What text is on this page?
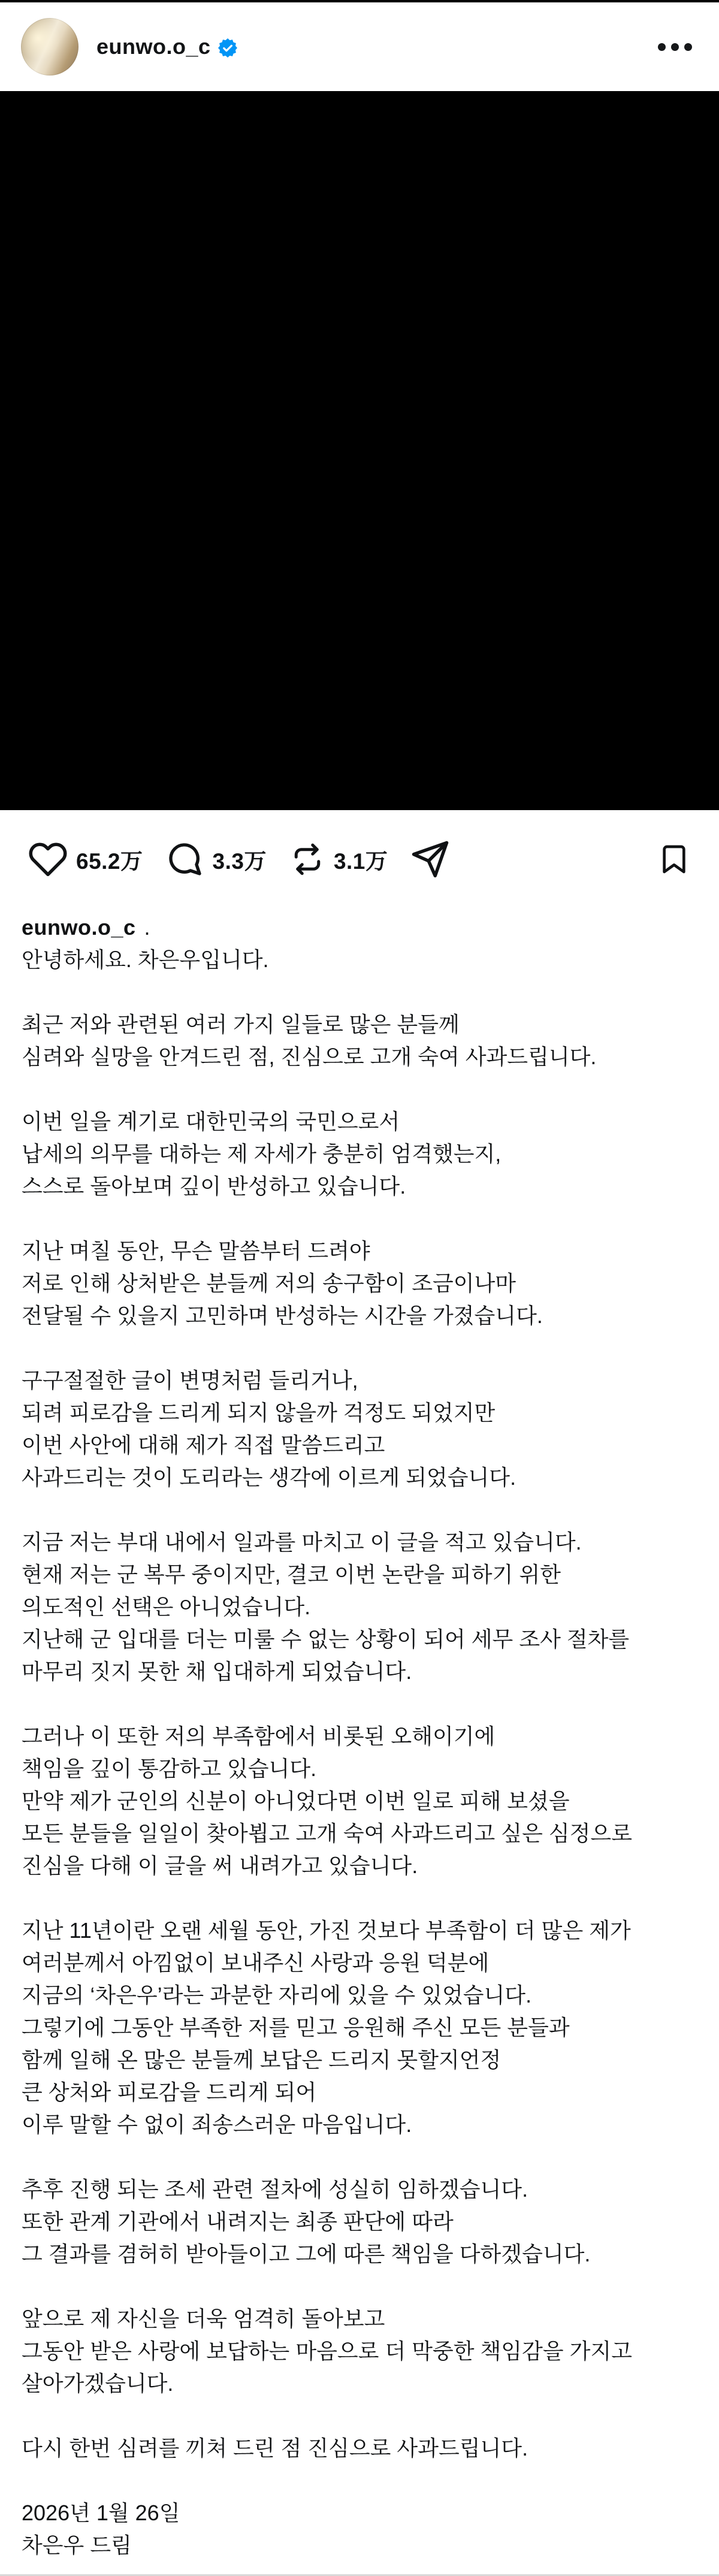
eunwo.o_c
65.2万	3.3万	3.1万
eunwo.o_c .
안녕하세요. 차은우입니다.

최근 저와 관련된 여러 가지 일들로 많은 분들께
심려와 실망을 안겨드린 점, 진심으로 고개 숙여 사과드립니다.

이번 일을 계기로 대한민국의 국민으로서
납세의 의무를 대하는 제 자세가 충분히 엄격했는지,
스스로 돌아보며 깊이 반성하고 있습니다.

지난 며칠 동안, 무슨 말씀부터 드려야
저로 인해 상처받은 분들께 저의 송구함이 조금이나마
전달될 수 있을지 고민하며 반성하는 시간을 가졌습니다.

구구절절한 글이 변명처럼 들리거나,
되려 피로감을 드리게 되지 않을까 걱정도 되었지만
이번 사안에 대해 제가 직접 말씀드리고
사과드리는 것이 도리라는 생각에 이르게 되었습니다.

지금 저는 부대 내에서 일과를 마치고 이 글을 적고 있습니다.
현재 저는 군 복무 중이지만, 결코 이번 논란을 피하기 위한
의도적인 선택은 아니었습니다.
지난해 군 입대를 더는 미룰 수 없는 상황이 되어 세무 조사 절차를
마무리 짓지 못한 채 입대하게 되었습니다.

그러나 이 또한 저의 부족함에서 비롯된 오해이기에
책임을 깊이 통감하고 있습니다.
만약 제가 군인의 신분이 아니었다면 이번 일로 피해 보셨을
모든 분들을 일일이 찾아뵙고 고개 숙여 사과드리고 싶은 심정으로
진심을 다해 이 글을 써 내려가고 있습니다.

지난 11년이란 오랜 세월 동안, 가진 것보다 부족함이 더 많은 제가
여러분께서 아낌없이 보내주신 사랑과 응원 덕분에
지금의 ‘차은우’라는 과분한 자리에 있을 수 있었습니다.
그렇기에 그동안 부족한 저를 믿고 응원해 주신 모든 분들과
함께 일해 온 많은 분들께 보답은 드리지 못할지언정
큰 상처와 피로감을 드리게 되어
이루 말할 수 없이 죄송스러운 마음입니다.

추후 진행 되는 조세 관련 절차에 성실히 임하겠습니다.
또한 관계 기관에서 내려지는 최종 판단에 따라
그 결과를 겸허히 받아들이고 그에 따른 책임을 다하겠습니다.

앞으로 제 자신을 더욱 엄격히 돌아보고
그동안 받은 사랑에 보답하는 마음으로 더 막중한 책임감을 가지고
살아가겠습니다.

다시 한번 심려를 끼쳐 드린 점 진심으로 사과드립니다.

2026년 1월 26일
차은우 드림
